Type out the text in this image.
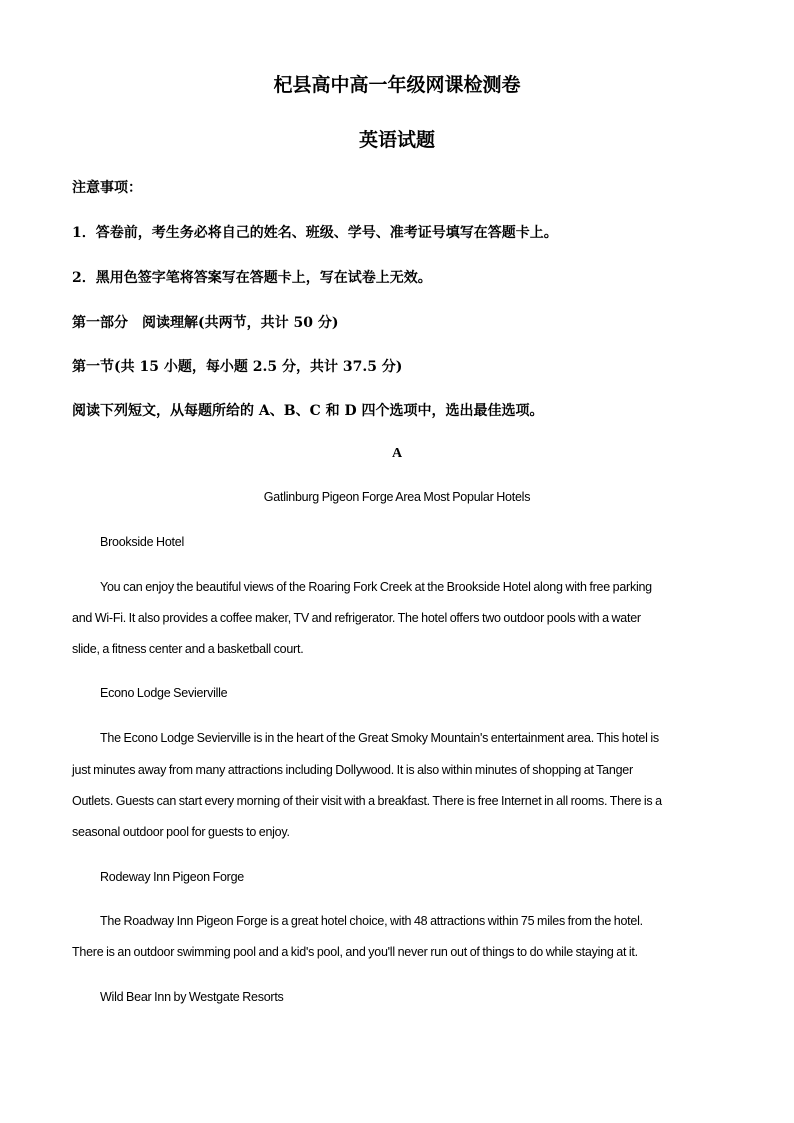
杞县高中高一年级网课检测卷
英语试题
注意事项：
1．答卷前，考生务必将自己的姓名、班级、学号、准考证号填写在答题卡上。
2．黑用色签字笔将答案写在答题卡上，写在试卷上无效。
第一部分　阅读理解(共两节，共计 50 分)
第一节(共 15 小题，每小题 2.5 分，共计 37.5 分)
阅读下列短文，从每题所给的 A、B、C 和 D 四个选项中，选出最佳选项。
A
Gatlinburg Pigeon Forge Area Most Popular Hotels
Brookside Hotel
You can enjoy the beautiful views of the Roaring Fork Creek at the Brookside Hotel along with free parking
and Wi-Fi. It also provides a coffee maker, TV and refrigerator. The hotel offers two outdoor pools with a water
slide, a fitness center and a basketball court.
Econo Lodge Sevierville
The Econo Lodge Sevierville is in the heart of the Great Smoky Mountain's entertainment area. This hotel is
just minutes away from many attractions including Dollywood. It is also within minutes of shopping at Tanger
Outlets. Guests can start every morning of their visit with a breakfast. There is free Internet in all rooms. There is a
seasonal outdoor pool for guests to enjoy.
Rodeway Inn Pigeon Forge
The Roadway Inn Pigeon Forge is a great hotel choice, with 48 attractions within 75 miles from the hotel.
There is an outdoor swimming pool and a kid's pool, and you'll never run out of things to do while staying at it.
Wild Bear Inn by Westgate Resorts
